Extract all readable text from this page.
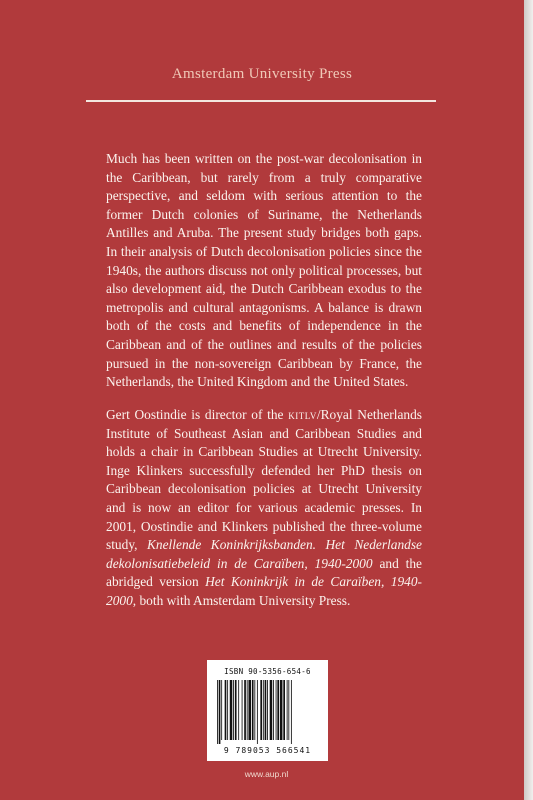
Amsterdam University Press

Much has been written on the post-war decolonisation in the Caribbean, but rarely from a truly comparative perspective, and seldom with serious attention to the former Dutch colonies of Suriname, the Netherlands Antilles and Aruba. The present study bridges both gaps. In their analysis of Dutch decolonisation policies since the 1940s, the authors discuss not only political processes, but also development aid, the Dutch Caribbean exodus to the metropolis and cultural antagonisms. A balance is drawn both of the costs and benefits of independence in the Caribbean and of the outlines and results of the policies pursued in the non-sovereign Caribbean by France, the Netherlands, the United Kingdom and the United States.

Gert Oostindie is director of the kitlv/Royal Netherlands Institute of Southeast Asian and Caribbean Studies and holds a chair in Caribbean Studies at Utrecht University. Inge Klinkers successfully defended her PhD thesis on Caribbean decolonisation policies at Utrecht University and is now an editor for various academic presses. In 2001, Oostindie and Klinkers published the three-volume study, Knellende Koninkrijksbanden. Het Nederlandse dekolonisatiebeleid in de Caraïben, 1940-2000 and the abridged version Het Koninkrijk in de Caraïben, 1940-2000, both with Amsterdam University Press.

ISBN 90-5356-654-6
9 789053 566541
www.aup.nl
